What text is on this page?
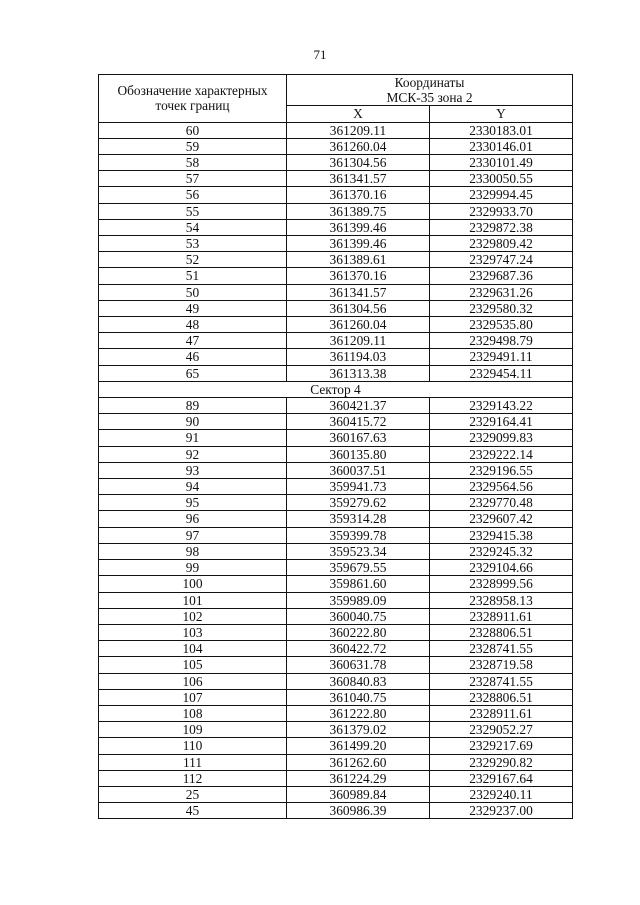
71
Обозначение характерных
точек границ	Координаты
МСК-35 зона 2	
	X	Y
60	361209.11	2330183.01
59	361260.04	2330146.01
58	361304.56	2330101.49
57	361341.57	2330050.55
56	361370.16	2329994.45
55	361389.75	2329933.70
54	361399.46	2329872.38
53	361399.46	2329809.42
52	361389.61	2329747.24
51	361370.16	2329687.36
50	361341.57	2329631.26
49	361304.56	2329580.32
48	361260.04	2329535.80
47	361209.11	2329498.79
46	361194.03	2329491.11
65	361313.38	2329454.11
Сектор 4		
89	360421.37	2329143.22
90	360415.72	2329164.41
91	360167.63	2329099.83
92	360135.80	2329222.14
93	360037.51	2329196.55
94	359941.73	2329564.56
95	359279.62	2329770.48
96	359314.28	2329607.42
97	359399.78	2329415.38
98	359523.34	2329245.32
99	359679.55	2329104.66
100	359861.60	2328999.56
101	359989.09	2328958.13
102	360040.75	2328911.61
103	360222.80	2328806.51
104	360422.72	2328741.55
105	360631.78	2328719.58
106	360840.83	2328741.55
107	361040.75	2328806.51
108	361222.80	2328911.61
109	361379.02	2329052.27
110	361499.20	2329217.69
111	361262.60	2329290.82
112	361224.29	2329167.64
25	360989.84	2329240.11
45	360986.39	2329237.00
